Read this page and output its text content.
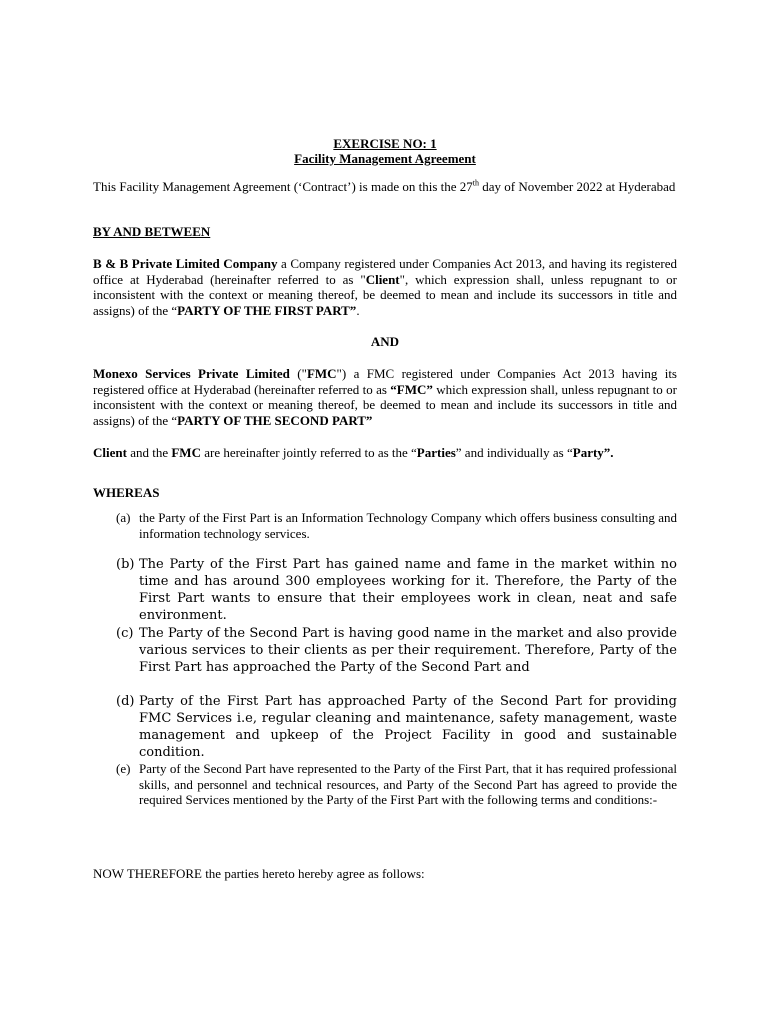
EXERCISE NO: 1
Facility Management Agreement

This Facility Management Agreement (‘Contract’) is made on this the 27th day of November 2022 at Hyderabad

BY AND BETWEEN

B & B Private Limited Company a Company registered under Companies Act 2013, and having its registered office at Hyderabad (hereinafter referred to as "Client", which expression shall, unless repugnant to or inconsistent with the context or meaning thereof, be deemed to mean and include its successors in title and assigns) of the “PARTY OF THE FIRST PART”.

AND

Monexo Services Private Limited ("FMC") a FMC registered under Companies Act 2013 having its registered office at Hyderabad (hereinafter referred to as “FMC” which expression shall, unless repugnant to or inconsistent with the context or meaning thereof, be deemed to mean and include its successors in title and assigns) of the “PARTY OF THE SECOND PART”

Client and the FMC are hereinafter jointly referred to as the “Parties” and individually as “Party”.

WHEREAS

(a) the Party of the First Part is an Information Technology Company which offers business consulting and information technology services.
(b) The Party of the First Part has gained name and fame in the market within no time and has around 300 employees working for it. Therefore, the Party of the First Part wants to ensure that their employees work in clean, neat and safe environment.
(c) The Party of the Second Part is having good name in the market and also provide various services to their clients as per their requirement. Therefore, Party of the First Part has approached the Party of the Second Part and
(d) Party of the First Part has approached Party of the Second Part for providing FMC Services i.e, regular cleaning and maintenance, safety management, waste management and upkeep of the Project Facility in good and sustainable condition.
(e) Party of the Second Part have represented to the Party of the First Part, that it has required professional skills, and personnel and technical resources, and Party of the Second Part has agreed to provide the required Services mentioned by the Party of the First Part with the following terms and conditions:-

NOW THEREFORE the parties hereto hereby agree as follows:
